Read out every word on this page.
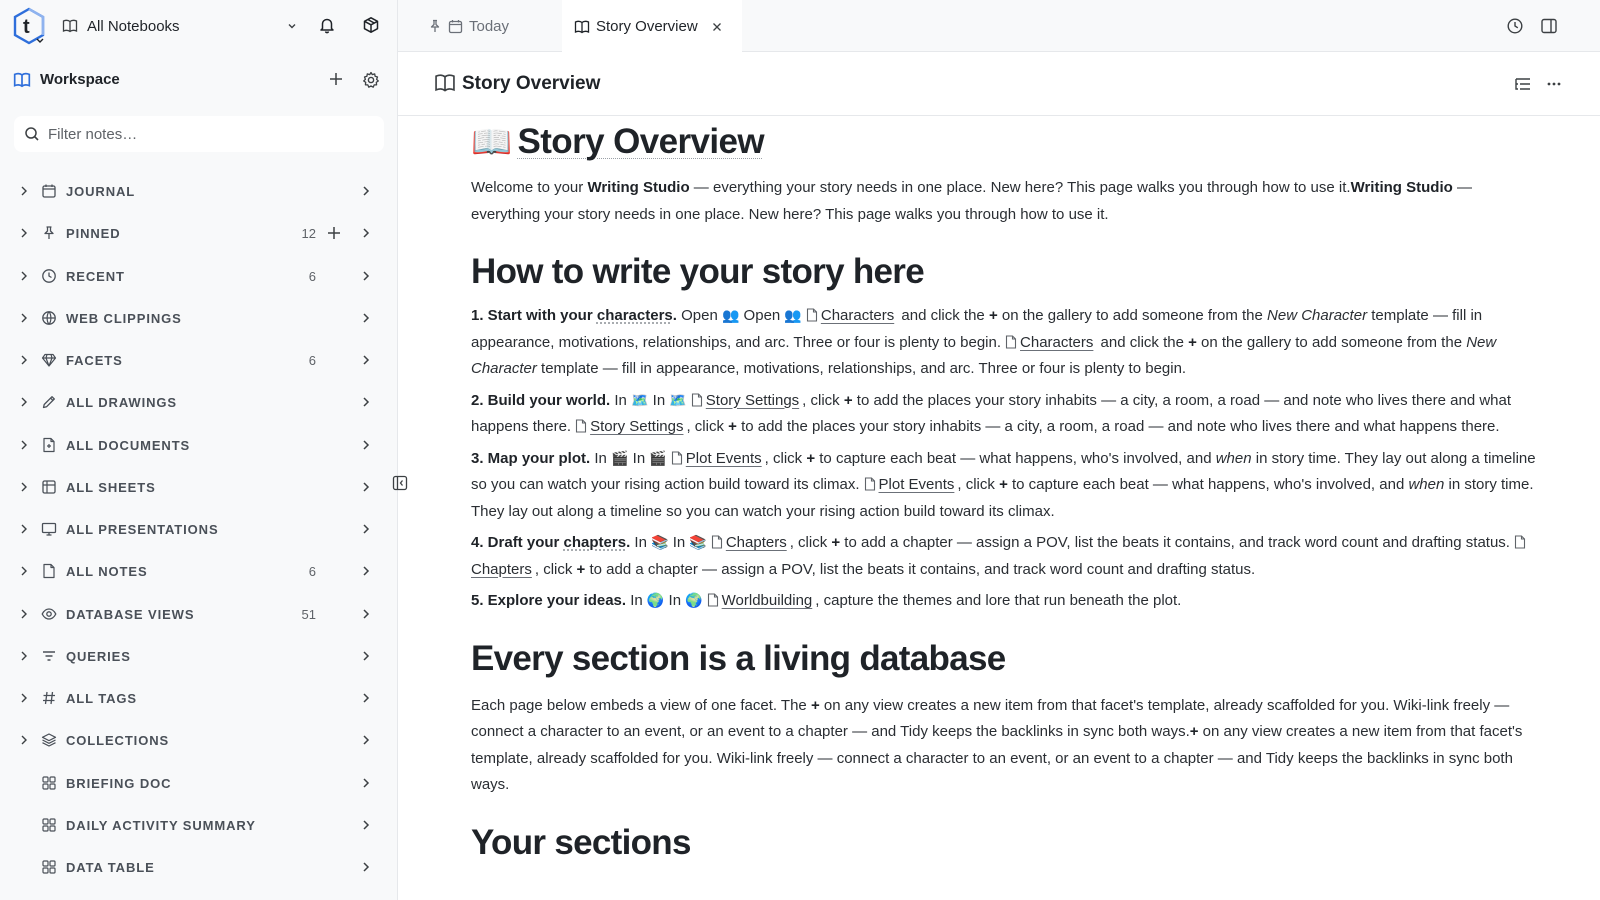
t	All Notebooks
Workspace
Filter notes…
JOURNAL
PINNED	12
RECENT	6
WEB CLIPPINGS
FACETS	6
ALL DRAWINGS
ALL DOCUMENTS
ALL SHEETS
ALL PRESENTATIONS
ALL NOTES	6
DATABASE VIEWS	51
QUERIES
ALL TAGS
COLLECTIONS
BRIEFING DOC
DAILY ACTIVITY SUMMARY
DATA TABLE
Today	Story Overview
Story Overview
📖 Story Overview

Welcome to your Writing Studio — everything your story needs in one place. New here? This page walks you through how to use it.Writing Studio — everything your story needs in one place. New here? This page walks you through how to use it.

How to write your story here

1. Start with your characters. Open 👥 Open 👥 Characters and click the + on the gallery to add someone from the New Character template — fill in appearance, motivations, relationships, and arc. Three or four is plenty to begin. Characters and click the + on the gallery to add someone from the New Character template — fill in appearance, motivations, relationships, and arc. Three or four is plenty to begin.

2. Build your world. In 🗺️ In 🗺️ Story Settings , click + to add the places your story inhabits — a city, a room, a road — and note who lives there and what happens there. Story Settings , click + to add the places your story inhabits — a city, a room, a road — and note who lives there and what happens there.

3. Map your plot. In 🎬 In 🎬 Plot Events , click + to capture each beat — what happens, who's involved, and when in story time. They lay out along a timeline so you can watch your rising action build toward its climax. Plot Events , click + to capture each beat — what happens, who's involved, and when in story time. They lay out along a timeline so you can watch your rising action build toward its climax.

4. Draft your chapters. In 📚 In 📚 Chapters , click + to add a chapter — assign a POV, list the beats it contains, and track word count and drafting status.
Chapters , click + to add a chapter — assign a POV, list the beats it contains, and track word count and drafting status.

5. Explore your ideas. In 🌍 In 🌍 Worldbuilding , capture the themes and lore that run beneath the plot.

Every section is a living database

Each page below embeds a view of one facet. The + on any view creates a new item from that facet's template, already scaffolded for you. Wiki-link freely — connect a character to an event, or an event to a chapter — and Tidy keeps the backlinks in sync both ways.+ on any view creates a new item from that facet's template, already scaffolded for you. Wiki-link freely — connect a character to an event, or an event to a chapter — and Tidy keeps the backlinks in sync both ways.

Your sections
